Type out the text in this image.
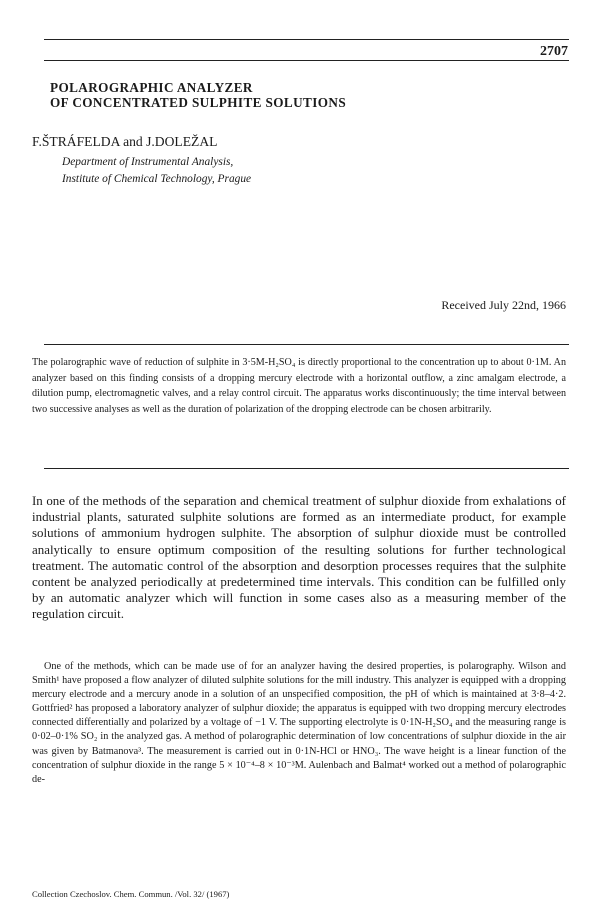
2707
POLAROGRAPHIC ANALYZER
OF CONCENTRATED SULPHITE SOLUTIONS
F.ŠTRÁFELDA and J.DOLEŽAL
Department of Instrumental Analysis,
Institute of Chemical Technology, Prague
Received July 22nd, 1966

The polarographic wave of reduction of sulphite in 3·5M-H₂SO₄ is directly proportional to the concentration up to about 0·1M. An analyzer based on this finding consists of a dropping mercury electrode with a horizontal outflow, a zinc amalgam electrode, a dilution pump, electromagnetic valves, and a relay control circuit. The apparatus works discontinuously; the time interval between two successive analyses as well as the duration of polarization of the dropping electrode can be chosen arbitrarily.

In one of the methods of the separation and chemical treatment of sulphur dioxide from exhalations of industrial plants, saturated sulphite solutions are formed as an intermediate product, for example solutions of ammonium hydrogen sulphite. The absorption of sulphur dioxide must be controlled analytically to ensure optimum composition of the resulting solutions for further technological treatment. The automatic control of the absorption and desorption processes requires that the sulphite content be analyzed periodically at predetermined time intervals. This condition can be fulfilled only by an automatic analyzer which will function in some cases also as a measuring member of the regulation circuit.

One of the methods, which can be made use of for an analyzer having the desired properties, is polarography. Wilson and Smith¹ have proposed a flow analyzer of diluted sulphite solutions for the mill industry. This analyzer is equipped with a dropping mercury electrode and a mercury anode in a solution of an unspecified composition, the pH of which is maintained at 3·8–4·2. Gottfried² has proposed a laboratory analyzer of sulphur dioxide; the apparatus is equipped with two dropping mercury electrodes connected differentially and polarized by a voltage of −1 V. The supporting electrolyte is 0·1N-H₂SO₄ and the measuring range is 0·02–0·1% SO₂ in the analyzed gas. A method of polarographic determination of low concentrations of sulphur dioxide in the air was given by Batmanova³. The measurement is carried out in 0·1N-HCl or HNO₃. The wave height is a linear function of the concentration of sulphur dioxide in the range 5 × 10⁻⁴–8 × 10⁻³M. Aulenbach and Balmat⁴ worked out a method of polarographic de-

Collection Czechoslov. Chem. Commun. /Vol. 32/ (1967)
